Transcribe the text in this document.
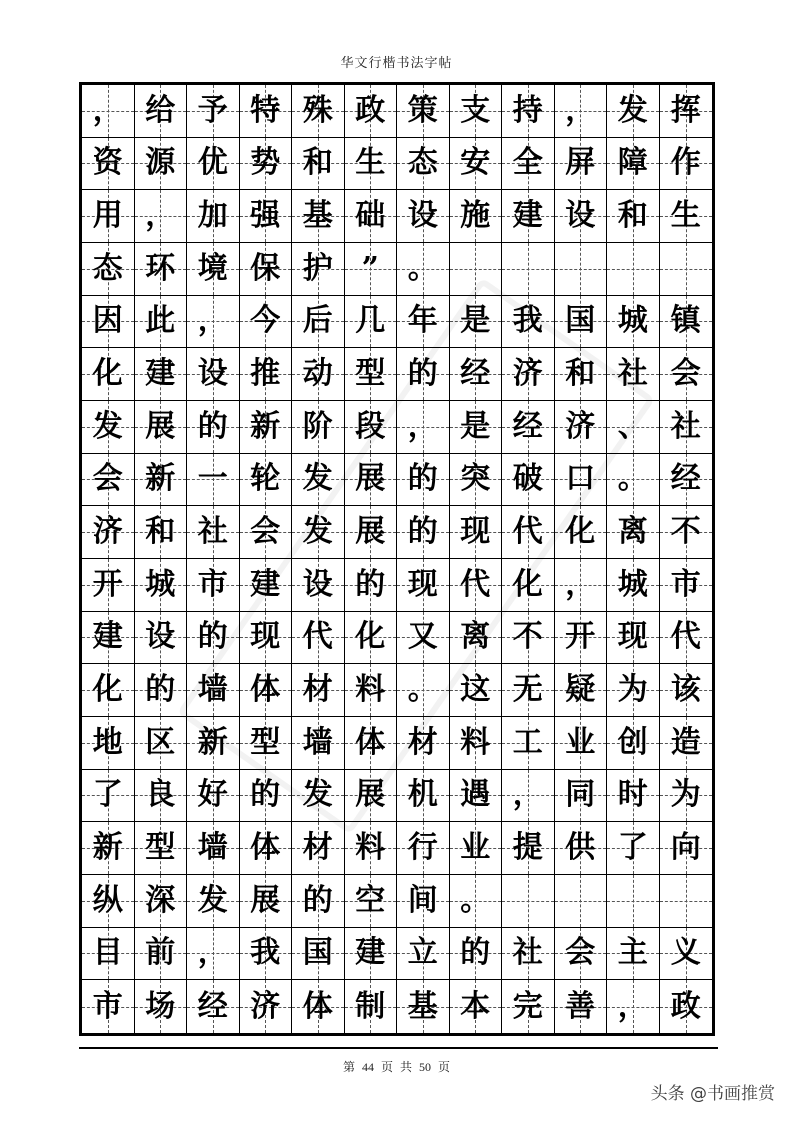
华文行楷书法字帖
， 给 予 特 殊 政 策 支 持 ， 发 挥
资 源 优 势 和 生 态 安 全 屏 障 作
用 ， 加 强 基 础 设 施 建 设 和 生
态 环 境 保 护 ” 。
因 此 ， 今 后 几 年 是 我 国 城 镇
化 建 设 推 动 型 的 经 济 和 社 会
发 展 的 新 阶 段 ， 是 经 济 、 社
会 新 一 轮 发 展 的 突 破 口 。 经
济 和 社 会 发 展 的 现 代 化 离 不
开 城 市 建 设 的 现 代 化 ， 城 市
建 设 的 现 代 化 又 离 不 开 现 代
化 的 墙 体 材 料 。 这 无 疑 为 该
地 区 新 型 墙 体 材 料 工 业 创 造
了 良 好 的 发 展 机 遇 ， 同 时 为
新 型 墙 体 材 料 行 业 提 供 了 向
纵 深 发 展 的 空 间 。
目 前 ， 我 国 建 立 的 社 会 主 义
市 场 经 济 体 制 基 本 完 善 ， 政
第 44 页 共 50 页
头条 @书画推赏
